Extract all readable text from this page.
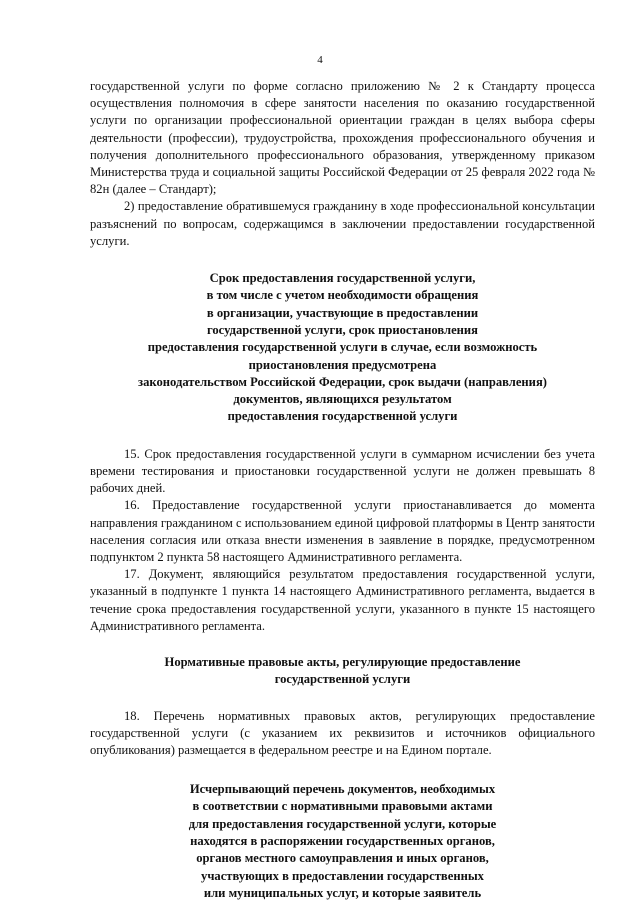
4

государственной услуги по форме согласно приложению № 2 к Стандарту процесса осуществления полномочия в сфере занятости населения по оказанию государственной услуги по организации профессиональной ориентации граждан в целях выбора сферы деятельности (профессии), трудоустройства, прохождения профессионального обучения и получения дополнительного профессионального образования, утвержденному приказом Министерства труда и социальной защиты Российской Федерации от 25 февраля 2022 года № 82н (далее – Стандарт);

2) предоставление обратившемуся гражданину в ходе профессиональной консультации разъяснений по вопросам, содержащимся в заключении предоставлении государственной услуги.

Срок предоставления государственной услуги,
в том числе с учетом необходимости обращения
в организации, участвующие в предоставлении
государственной услуги, срок приостановления
предоставления государственной услуги в случае, если возможность
приостановления предусмотрена
законодательством Российской Федерации, срок выдачи (направления)
документов, являющихся результатом
предоставления государственной услуги

15. Срок предоставления государственной услуги в суммарном исчислении без учета времени тестирования и приостановки государственной услуги не должен превышать 8 рабочих дней.

16. Предоставление государственной услуги приостанавливается до момента направления гражданином с использованием единой цифровой платформы в Центр занятости населения согласия или отказа внести изменения в заявление в порядке, предусмотренном подпунктом 2 пункта 58 настоящего Административного регламента.

17. Документ, являющийся результатом предоставления государственной услуги, указанный в подпункте 1 пункта 14 настоящего Административного регламента, выдается в течение срока предоставления государственной услуги, указанного в пункте 15 настоящего Административного регламента.

Нормативные правовые акты, регулирующие предоставление
государственной услуги

18. Перечень нормативных правовых актов, регулирующих предоставление государственной услуги (с указанием их реквизитов и источников официального опубликования) размещается в федеральном реестре и на Едином портале.

Исчерпывающий перечень документов, необходимых
в соответствии с нормативными правовыми актами
для предоставления государственной услуги, которые
находятся в распоряжении государственных органов,
органов местного самоуправления и иных органов,
участвующих в предоставлении государственных
или муниципальных услуг, и которые заявитель
